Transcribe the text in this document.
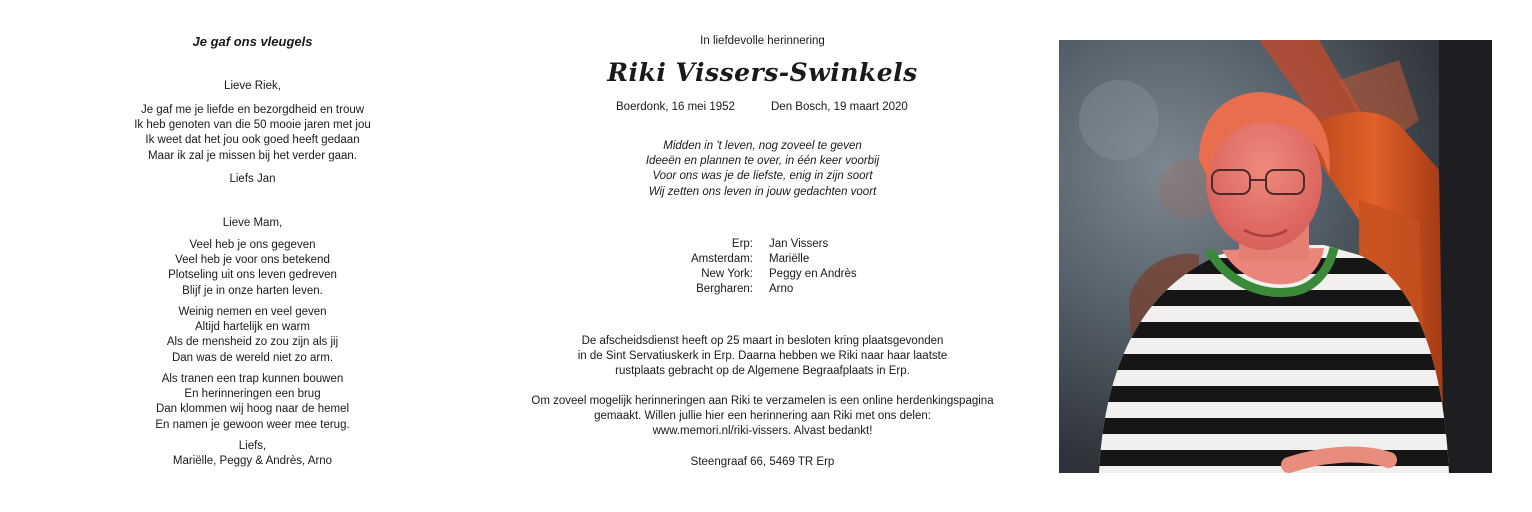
Je gaf ons vleugels

Lieve Riek,

Je gaf me je liefde en bezorgdheid en trouw
Ik heb genoten van die 50 mooie jaren met jou
Ik weet dat het jou ook goed heeft gedaan
Maar ik zal je missen bij het verder gaan.

Liefs Jan

Lieve Mam,

Veel heb je ons gegeven
Veel heb je voor ons betekend
Plotseling uit ons leven gedreven
Blijf je in onze harten leven.

Weinig nemen en veel geven
Altijd hartelijk en warm
Als de mensheid zo zou zijn als jij
Dan was de wereld niet zo arm.

Als tranen een trap kunnen bouwen
En herinneringen een brug
Dan klommen wij hoog naar de hemel
En namen je gewoon weer mee terug.

Liefs,
Mariëlle, Peggy & Andrès, Arno

In liefdevolle herinnering

Riki Vissers-Swinkels

Boerdonk, 16 mei 1952	Den Bosch, 19 maart 2020

Midden in 't leven, nog zoveel te geven
Ideeën en plannen te over, in één keer voorbij
Voor ons was je de liefste, enig in zijn soort
Wij zetten ons leven in jouw gedachten voort

Erp: Jan Vissers
Amsterdam: Mariëlle
New York: Peggy en Andrès
Bergharen: Arno

De afscheidsdienst heeft op 25 maart in besloten kring plaatsgevonden
in de Sint Servatiuskerk in Erp. Daarna hebben we Riki naar haar laatste
rustplaats gebracht op de Algemene Begraafplaats in Erp.

Om zoveel mogelijk herinneringen aan Riki te verzamelen is een online herdenkingspagina
gemaakt. Willen jullie hier een herinnering aan Riki met ons delen:
www.memori.nl/riki-vissers. Alvast bedankt!

Steengraaf 66, 5469 TR Erp
